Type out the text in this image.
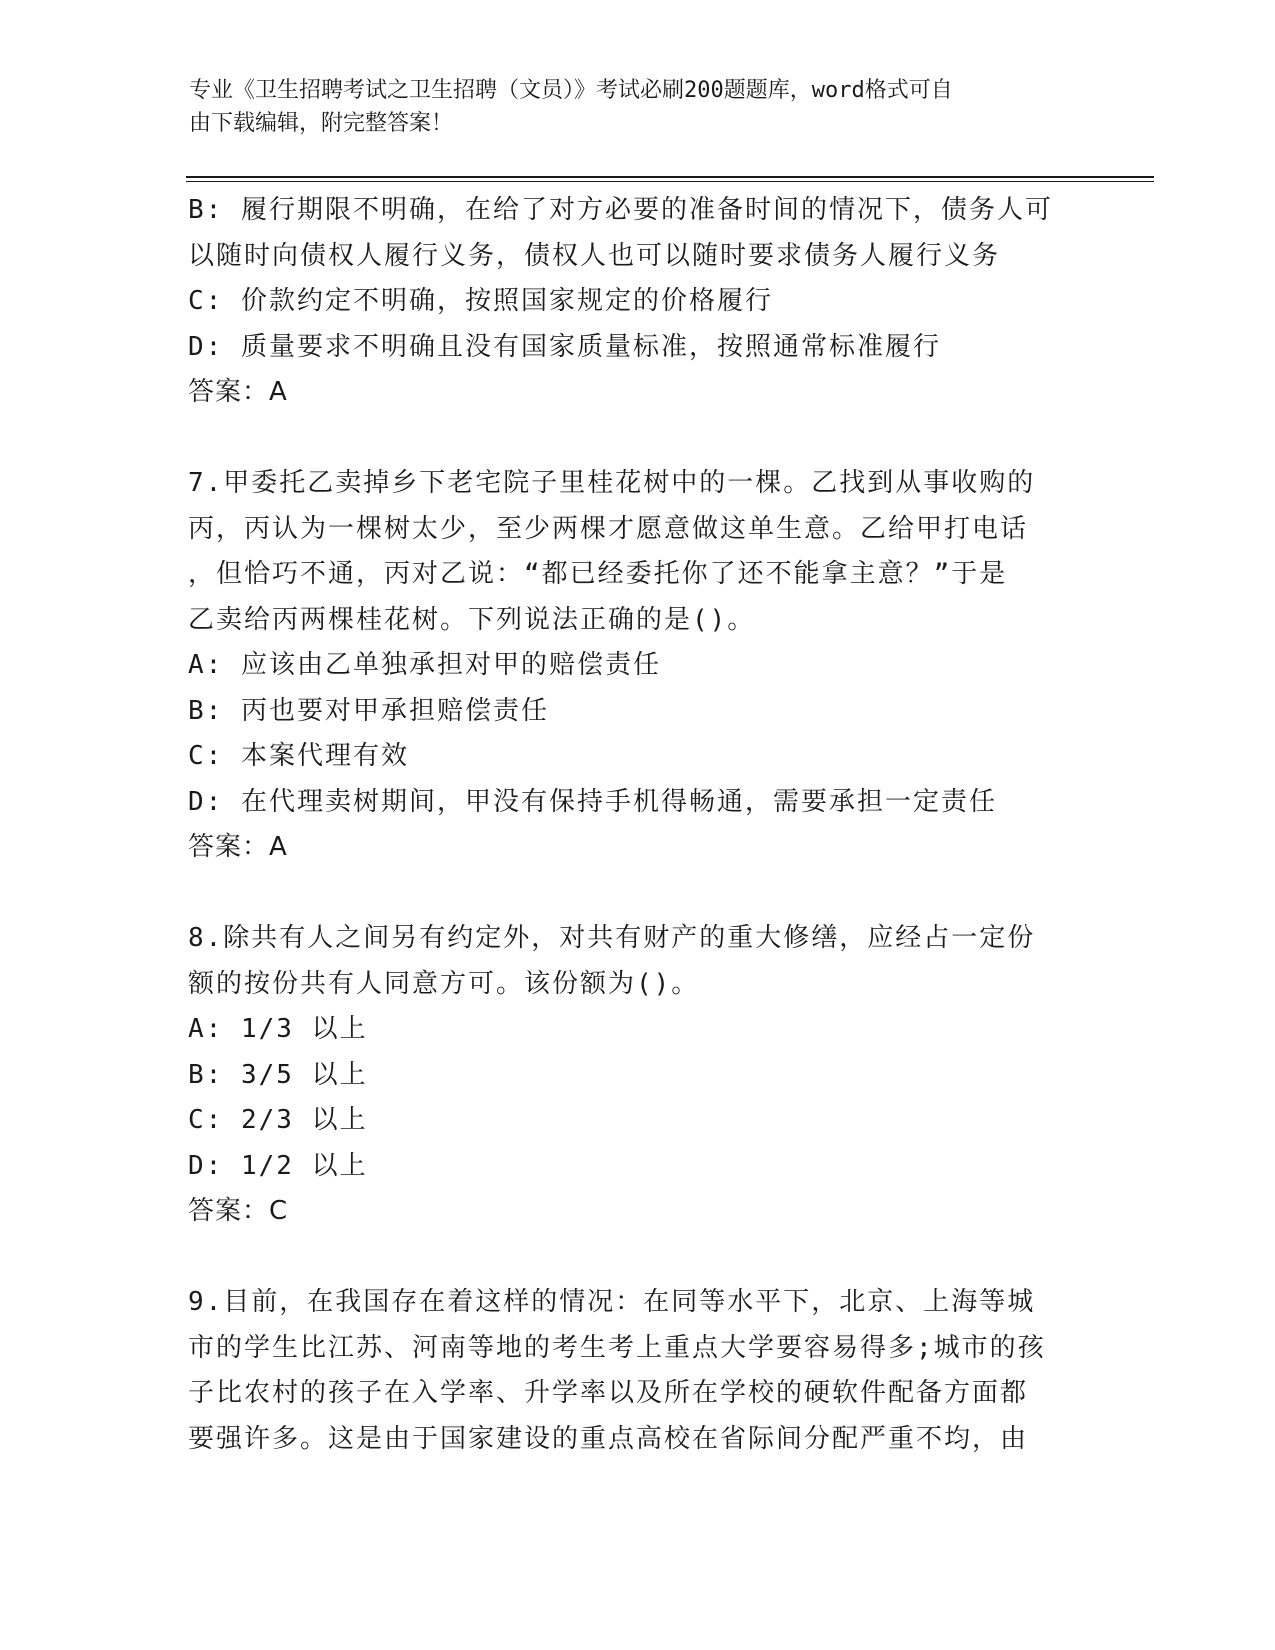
专业《卫生招聘考试之卫生招聘（文员）》考试必刷200题题库，word格式可自
由下载编辑，附完整答案！
B: 履行期限不明确，在给了对方必要的准备时间的情况下，债务人可
以随时向债权人履行义务，债权人也可以随时要求债务人履行义务
C: 价款约定不明确，按照国家规定的价格履行
D: 质量要求不明确且没有国家质量标准，按照通常标准履行
答案：A
7.甲委托乙卖掉乡下老宅院子里桂花树中的一棵。乙找到从事收购的
丙，丙认为一棵树太少，至少两棵才愿意做这单生意。乙给甲打电话
，但恰巧不通，丙对乙说：“都已经委托你了还不能拿主意？”于是
乙卖给丙两棵桂花树。下列说法正确的是()。
A: 应该由乙单独承担对甲的赔偿责任
B: 丙也要对甲承担赔偿责任
C: 本案代理有效
D: 在代理卖树期间，甲没有保持手机得畅通，需要承担一定责任
答案：A
8.除共有人之间另有约定外，对共有财产的重大修缮，应经占一定份
额的按份共有人同意方可。该份额为()。
A: 1/3 以上
B: 3/5 以上
C: 2/3 以上
D: 1/2 以上
答案：C
9.目前，在我国存在着这样的情况：在同等水平下，北京、上海等城
市的学生比江苏、河南等地的考生考上重点大学要容易得多;城市的孩
子比农村的孩子在入学率、升学率以及所在学校的硬软件配备方面都
要强许多。这是由于国家建设的重点高校在省际间分配严重不均，由
